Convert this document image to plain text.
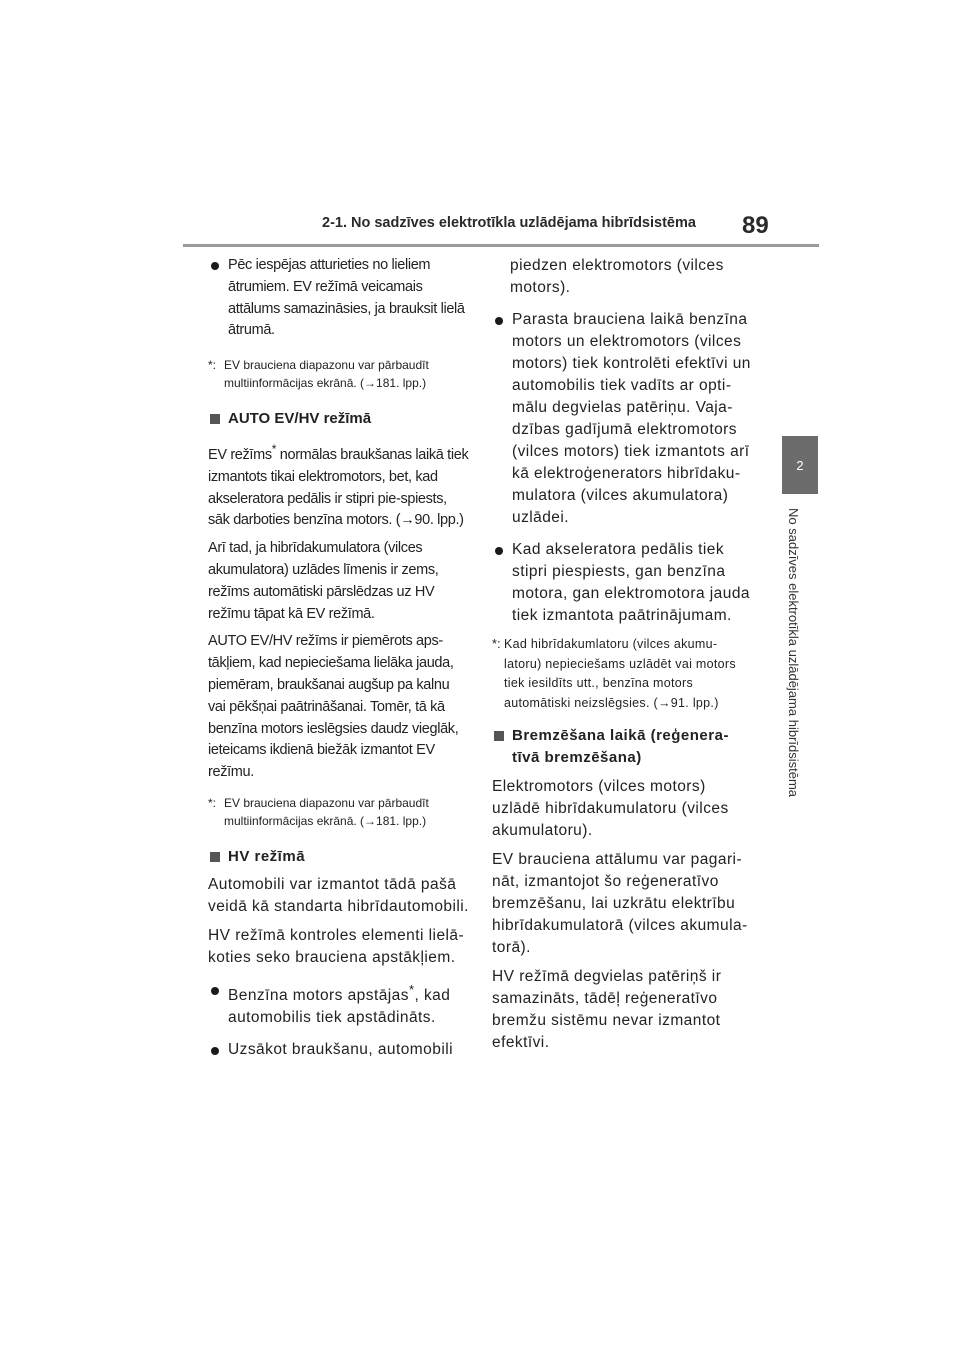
2-1. No sadzīves elektrotīkla uzlādējama hibrīdsistēma 89
2
No sadzīves elektrotīkla uzlādējama hibrīdsistēma

Pēc iespējas atturieties no lieliem ātrumiem. EV režīmā veicamais attālums samazināsies, ja brauksit lielā ātrumā.

*: EV brauciena diapazonu var pārbaudīt multiinformācijas ekrānā. (→181. lpp.)

AUTO EV/HV režīmā

EV režīms* normālas braukšanas laikā tiek izmantots tikai elektromotors, bet, kad akseleratora pedālis ir stipri pie-spiests, sāk darboties benzīna motors. (→90. lpp.)

Arī tad, ja hibrīdakumulatora (vilces akumulatora) uzlādes līmenis ir zems, režīms automātiski pārslēdzas uz HV režīmu tāpat kā EV režīmā.

AUTO EV/HV režīms ir piemērots aps-tākļiem, kad nepieciešama lielāka jauda, piemēram, braukšanai augšup pa kalnu vai pēkšņai paātrināšanai. Tomēr, tā kā benzīna motors ieslēgsies daudz vieglāk, ieteicams ikdienā biežāk izmantot EV režīmu.

*: EV brauciena diapazonu var pārbaudīt multiinformācijas ekrānā. (→181. lpp.)

HV režīmā

Automobili var izmantot tādā pašā veidā kā standarta hibrīdautomobili.

HV režīmā kontroles elementi lielā-koties seko brauciena apstākļiem.

Benzīna motors apstājas*, kad automobilis tiek apstādināts.

Uzsākot braukšanu, automobili

piedzen elektromotors (vilces motors).

Parasta brauciena laikā benzīna motors un elektromotors (vilces motors) tiek kontrolēti efektīvi un automobilis tiek vadīts ar opti-mālu degvielas patēriņu. Vaja-dzības gadījumā elektromotors (vilces motors) tiek izmantots arī kā elektroģenerators hibrīdaku-mulatora (vilces akumulatora) uzlādei.

Kad akseleratora pedālis tiek stipri piespiests, gan benzīna motora, gan elektromotora jauda tiek izmantota paātrinājumam.

*: Kad hibrīdakumlatoru (vilces akumu-latoru) nepieciešams uzlādēt vai motors tiek iesildīts utt., benzīna motors automātiski neizslēgsies. (→91. lpp.)

Bremzēšana laikā (reģenera-tīvā bremzēšana)

Elektromotors (vilces motors) uzlādē hibrīdakumulatoru (vilces akumulatoru).

EV brauciena attālumu var pagari-nāt, izmantojot šo reģeneratīvo bremzēšanu, lai uzkrātu elektrību hibrīdakumulatorā (vilces akumula-torā).

HV režīmā degvielas patēriņš ir samazināts, tādēļ reģeneratīvo bremžu sistēmu nevar izmantot efektīvi.
